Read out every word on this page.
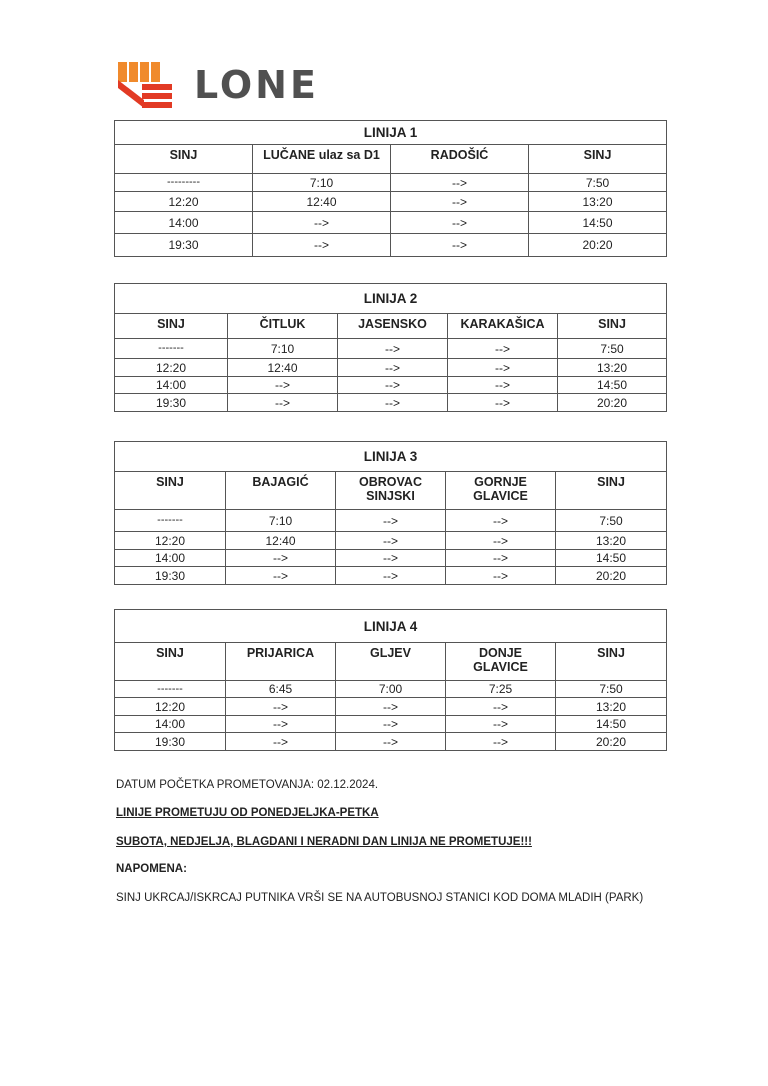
LONE
LINIJA 1			
SINJ	LUČANE ulaz sa D1	RADOŠIĆ	SINJ
---------	7:10	-->	7:50
12:20	12:40	-->	13:20
14:00	-->	-->	14:50
19:30	-->	-->	20:20
LINIJA 2				
SINJ	ČITLUK	JASENSKO	KARAKAŠICA	SINJ
-------	7:10	-->	-->	7:50
12:20	12:40	-->	-->	13:20
14:00	-->	-->	-->	14:50
19:30	-->	-->	-->	20:20
LINIJA 3				
SINJ	BAJAGIĆ	OBROVAC SINJSKI	GORNJE GLAVICE	SINJ
-------	7:10	-->	-->	7:50
12:20	12:40	-->	-->	13:20
14:00	-->	-->	-->	14:50
19:30	-->	-->	-->	20:20
LINIJA 4				
SINJ	PRIJARICA	GLJEV	DONJE GLAVICE	SINJ
-------	6:45	7:00	7:25	7:50
12:20	-->	-->	-->	13:20
14:00	-->	-->	-->	14:50
19:30	-->	-->	-->	20:20
DATUM POČETKA PROMETOVANJA: 02.12.2024.
LINIJE PROMETUJU OD PONEDJELJKA-PETKA
SUBOTA, NEDJELJA, BLAGDANI I NERADNI DAN LINIJA NE PROMETUJE!!!
NAPOMENA:
SINJ UKRCAJ/ISKRCAJ PUTNIKA VRŠI SE NA AUTOBUSNOJ STANICI KOD DOMA MLADIH (PARK)
